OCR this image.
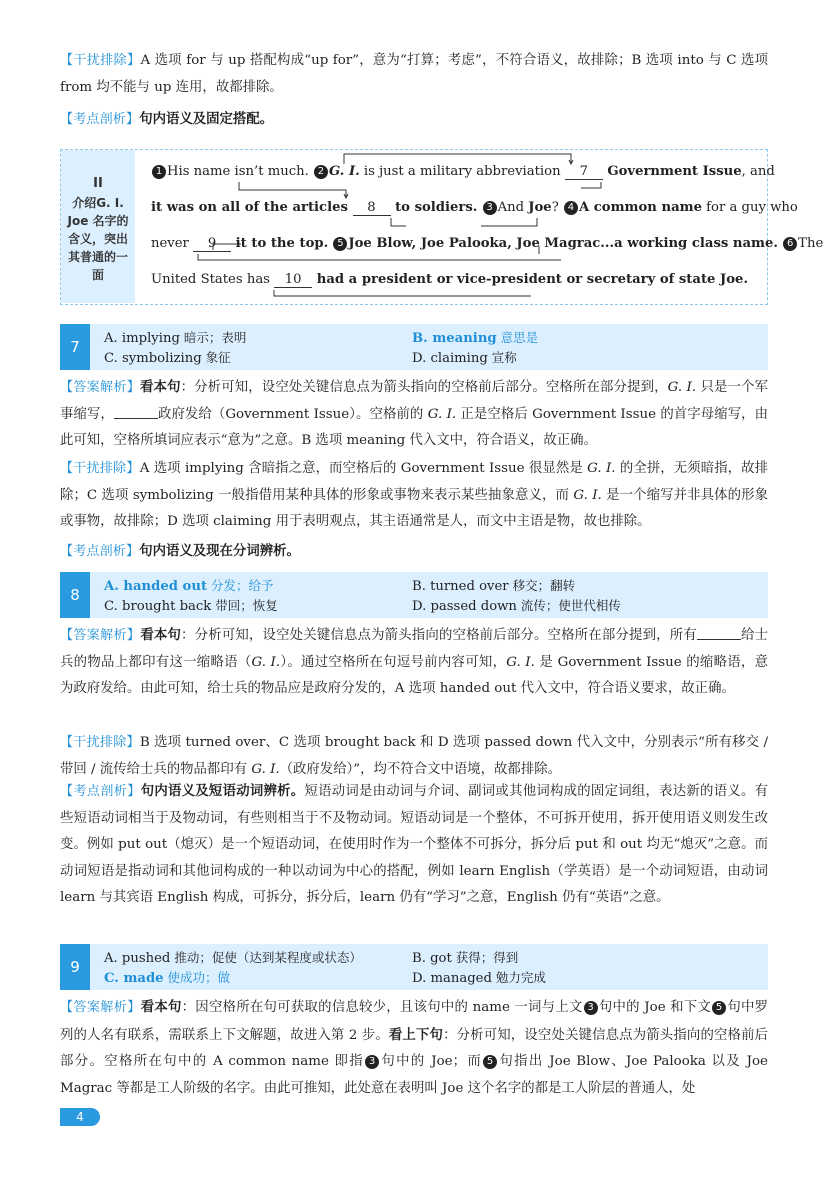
【干扰排除】A 选项 for 与 up 搭配构成“up for”，意为“打算；考虑”，不符合语义，故排除；B 选项 into 与 C 选项 from 均不能与 up 连用，故都排除。
【考点剖析】句内语义及固定搭配。
II
介绍G. I. Joe 名字的含义，突出其普通的一面
1 His name isn’t much. 2 G. I. is just a military abbreviation 7 Government Issue, and
it was on all of the articles 8 to soldiers. 3 And Joe? 4 A common name for a guy who
never 9 it to the top. 5 Joe Blow, Joe Palooka, Joe Magrac...a working class name. 6 The
United States has 10 had a president or vice-president or secretary of state Joe.
7	A. implying 暗示；表明	B. meaning 意思是
C. symbolizing 象征	D. claiming 宣称
【答案解析】看本句：分析可知，设空处关键信息点为箭头指向的空格前后部分。空格所在部分提到，G. I. 只是一个军事缩写，	政府发给（Government Issue）。空格前的 G. I. 正是空格后 Government Issue 的首字母缩写，由此可知，空格所填词应表示“意为”之意。B 选项 meaning 代入文中，符合语义，故正确。
【干扰排除】A 选项 implying 含暗指之意，而空格后的 Government Issue 很显然是 G. I. 的全拼，无须暗指，故排除；C 选项 symbolizing 一般指借用某种具体的形象或事物来表示某些抽象意义，而 G. I. 是一个缩写并非具体的形象或事物，故排除；D 选项 claiming 用于表明观点，其主语通常是人，而文中主语是物，故也排除。
【考点剖析】句内语义及现在分词辨析。
8	A. handed out 分发；给予	B. turned over 移交；翻转
C. brought back 带回；恢复	D. passed down 流传；使世代相传
【答案解析】看本句：分析可知，设空处关键信息点为箭头指向的空格前后部分。空格所在部分提到，所有	给士兵的物品上都印有这一缩略语（G. I.）。通过空格所在句逗号前内容可知，G. I. 是 Government Issue 的缩略语，意为政府发给。由此可知，给士兵的物品应是政府分发的，A 选项 handed out 代入文中，符合语义要求，故正确。
【干扰排除】B 选项 turned over、C 选项 brought back 和 D 选项 passed down 代入文中，分别表示“所有移交 / 带回 / 流传给士兵的物品都印有 G. I.（政府发给）”，均不符合文中语境，故都排除。
【考点剖析】句内语义及短语动词辨析。短语动词是由动词与介词、副词或其他词构成的固定词组，表达新的语义。有些短语动词相当于及物动词，有些则相当于不及物动词。短语动词是一个整体，不可拆开使用，拆开使用语义则发生改变。例如 put out（熄灭）是一个短语动词，在使用时作为一个整体不可拆分，拆分后 put 和 out 均无“熄灭”之意。而动词短语是指动词和其他词构成的一种以动词为中心的搭配，例如 learn English（学英语）是一个动词短语，由动词 learn 与其宾语 English 构成，可拆分，拆分后，learn 仍有“学习”之意，English 仍有“英语”之意。
9	A. pushed 推动；促使（达到某程度或状态）	B. got 获得；得到
C. made 使成功；做	D. managed 勉力完成
【答案解析】看本句：因空格所在句可获取的信息较少，且该句中的 name 一词与上文 3 句中的 Joe 和下文 5 句中罗列的人名有联系，需联系上下文解题，故进入第 2 步。看上下句：分析可知，设空处关键信息点为箭头指向的空格前后部分。空格所在句中的 A common name 即指 3 句中的 Joe；而 5 句指出 Joe Blow、Joe Palooka 以及 Joe Magrac 等都是工人阶级的名字。由此可推知，此处意在表明叫 Joe 这个名字的都是工人阶层的普通人，处
4
